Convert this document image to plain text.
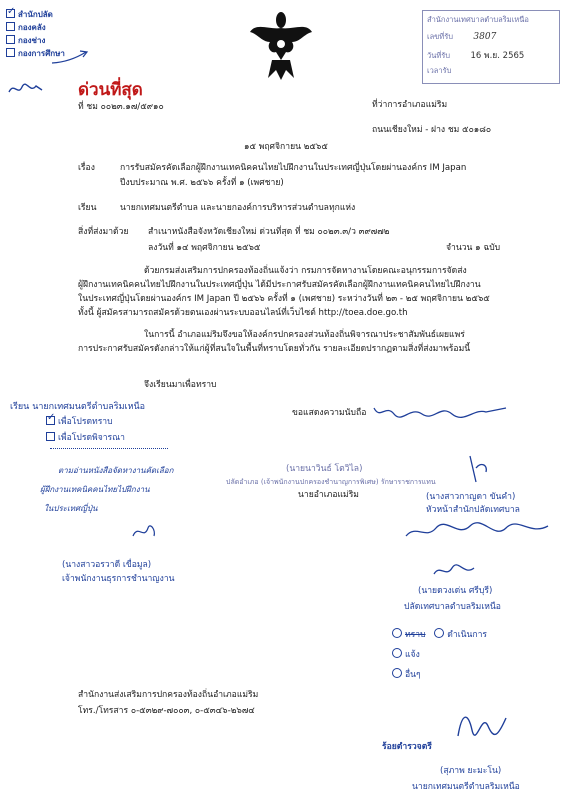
✓ สำนักปลัด
กองคลัง
กองช่าง
กองการศึกษา
สำนักงานเทศบาลตำบลริมเหนือ
เลขที่รับ 3807
วันที่รับ 16 พ.ย. 2565
เวลารับ
ด่วนที่สุด
ที่ ชม ๐๐๒๓.๑๗/๕๙๑๐	ที่ว่าการอำเภอแม่ริม
ถนนเชียงใหม่ - ฝาง ชม ๕๐๑๘๐
๑๕ พฤศจิกายน ๒๕๖๕
เรื่อง	การรับสมัครคัดเลือกผู้ฝึกงานเทคนิคคนไทยไปฝึกงานในประเทศญี่ปุ่นโดยผ่านองค์กร IM Japan
ปีงบประมาณ พ.ศ. ๒๕๖๖ ครั้งที่ ๑ (เพศชาย)
เรียน	นายกเทศมนตรีตำบล และนายกองค์การบริหารส่วนตำบลทุกแห่ง
สิ่งที่ส่งมาด้วย สำเนาหนังสือจังหวัดเชียงใหม่ ด่วนที่สุด ที่ ชม ๐๐๒๓.๓/ว ๓๙๗๗๒
ลงวันที่ ๑๔ พฤศจิกายน ๒๕๖๕	จำนวน ๑ ฉบับ
ด้วยกรมส่งเสริมการปกครองท้องถิ่นแจ้งว่า กรมการจัดหางานโดยคณะอนุกรรมการจัดส่ง
ผู้ฝึกงานเทคนิคคนไทยไปฝึกงานในประเทศญี่ปุ่น ได้มีประกาศรับสมัครคัดเลือกผู้ฝึกงานเทคนิคคนไทยไปฝึกงาน
ในประเทศญี่ปุ่นโดยผ่านองค์กร IM Japan ปี ๒๕๖๖ ครั้งที่ ๑ (เพศชาย) ระหว่างวันที่ ๒๓ - ๒๕ พฤศจิกายน ๒๕๖๕
ทั้งนี้ ผู้สมัครสามารถสมัครด้วยตนเองผ่านระบบออนไลน์ที่เว็บไซต์ http://toea.doe.go.th
ในการนี้ อำเภอแม่ริมจึงขอให้องค์กรปกครองส่วนท้องถิ่นพิจารณาประชาสัมพันธ์เผยแพร่
การประกาศรับสมัครดังกล่าวให้แก่ผู้ที่สนใจในพื้นที่ทราบโดยทั่วกัน รายละเอียดปรากฏตามสิ่งที่ส่งมาพร้อมนี้
จึงเรียนมาเพื่อทราบ
เรียน นายกเทศมนตรีตำบลริมเหนือ
✓ เพื่อโปรดทราบ
เพื่อโปรดพิจารณา
ตามอ่านหนังสือจัดหางานคัดเลือก
ผู้ฝึกงานเทคนิคคนไทยไปฝึกงาน
ในประเทศญี่ปุ่น
(นางสาวอรวาดี เขื่อมูล)
เจ้าพนักงานธุรการชำนาญงาน
ขอแสดงความนับถือ
(นายนาวินธ์ โตวิไล)
ปลัดอำเภอ (เจ้าพนักงานปกครองชำนาญการพิเศษ) รักษาราชการแทน
นายอำเภอแม่ริม	(นางสาวกาญดา ขันคำ)
หัวหน้าสำนักปลัดเทศบาล
(นายดวงเด่น ศรีบุรี)
ปลัดเทศบาลตำบลริมเหนือ
ทราบ	ดำเนินการ
แจ้ง
อื่นๆ
ร้อยตำรวจตรี
(สุภาพ ยะมะโน)
นายกเทศมนตรีตำบลริมเหนือ
สำนักงานส่งเสริมการปกครองท้องถิ่นอำเภอแม่ริม
โทร./โทรสาร ๐-๕๓๒๙-๗๐๐๓, ๐-๕๓๔๖-๒๖๗๔
